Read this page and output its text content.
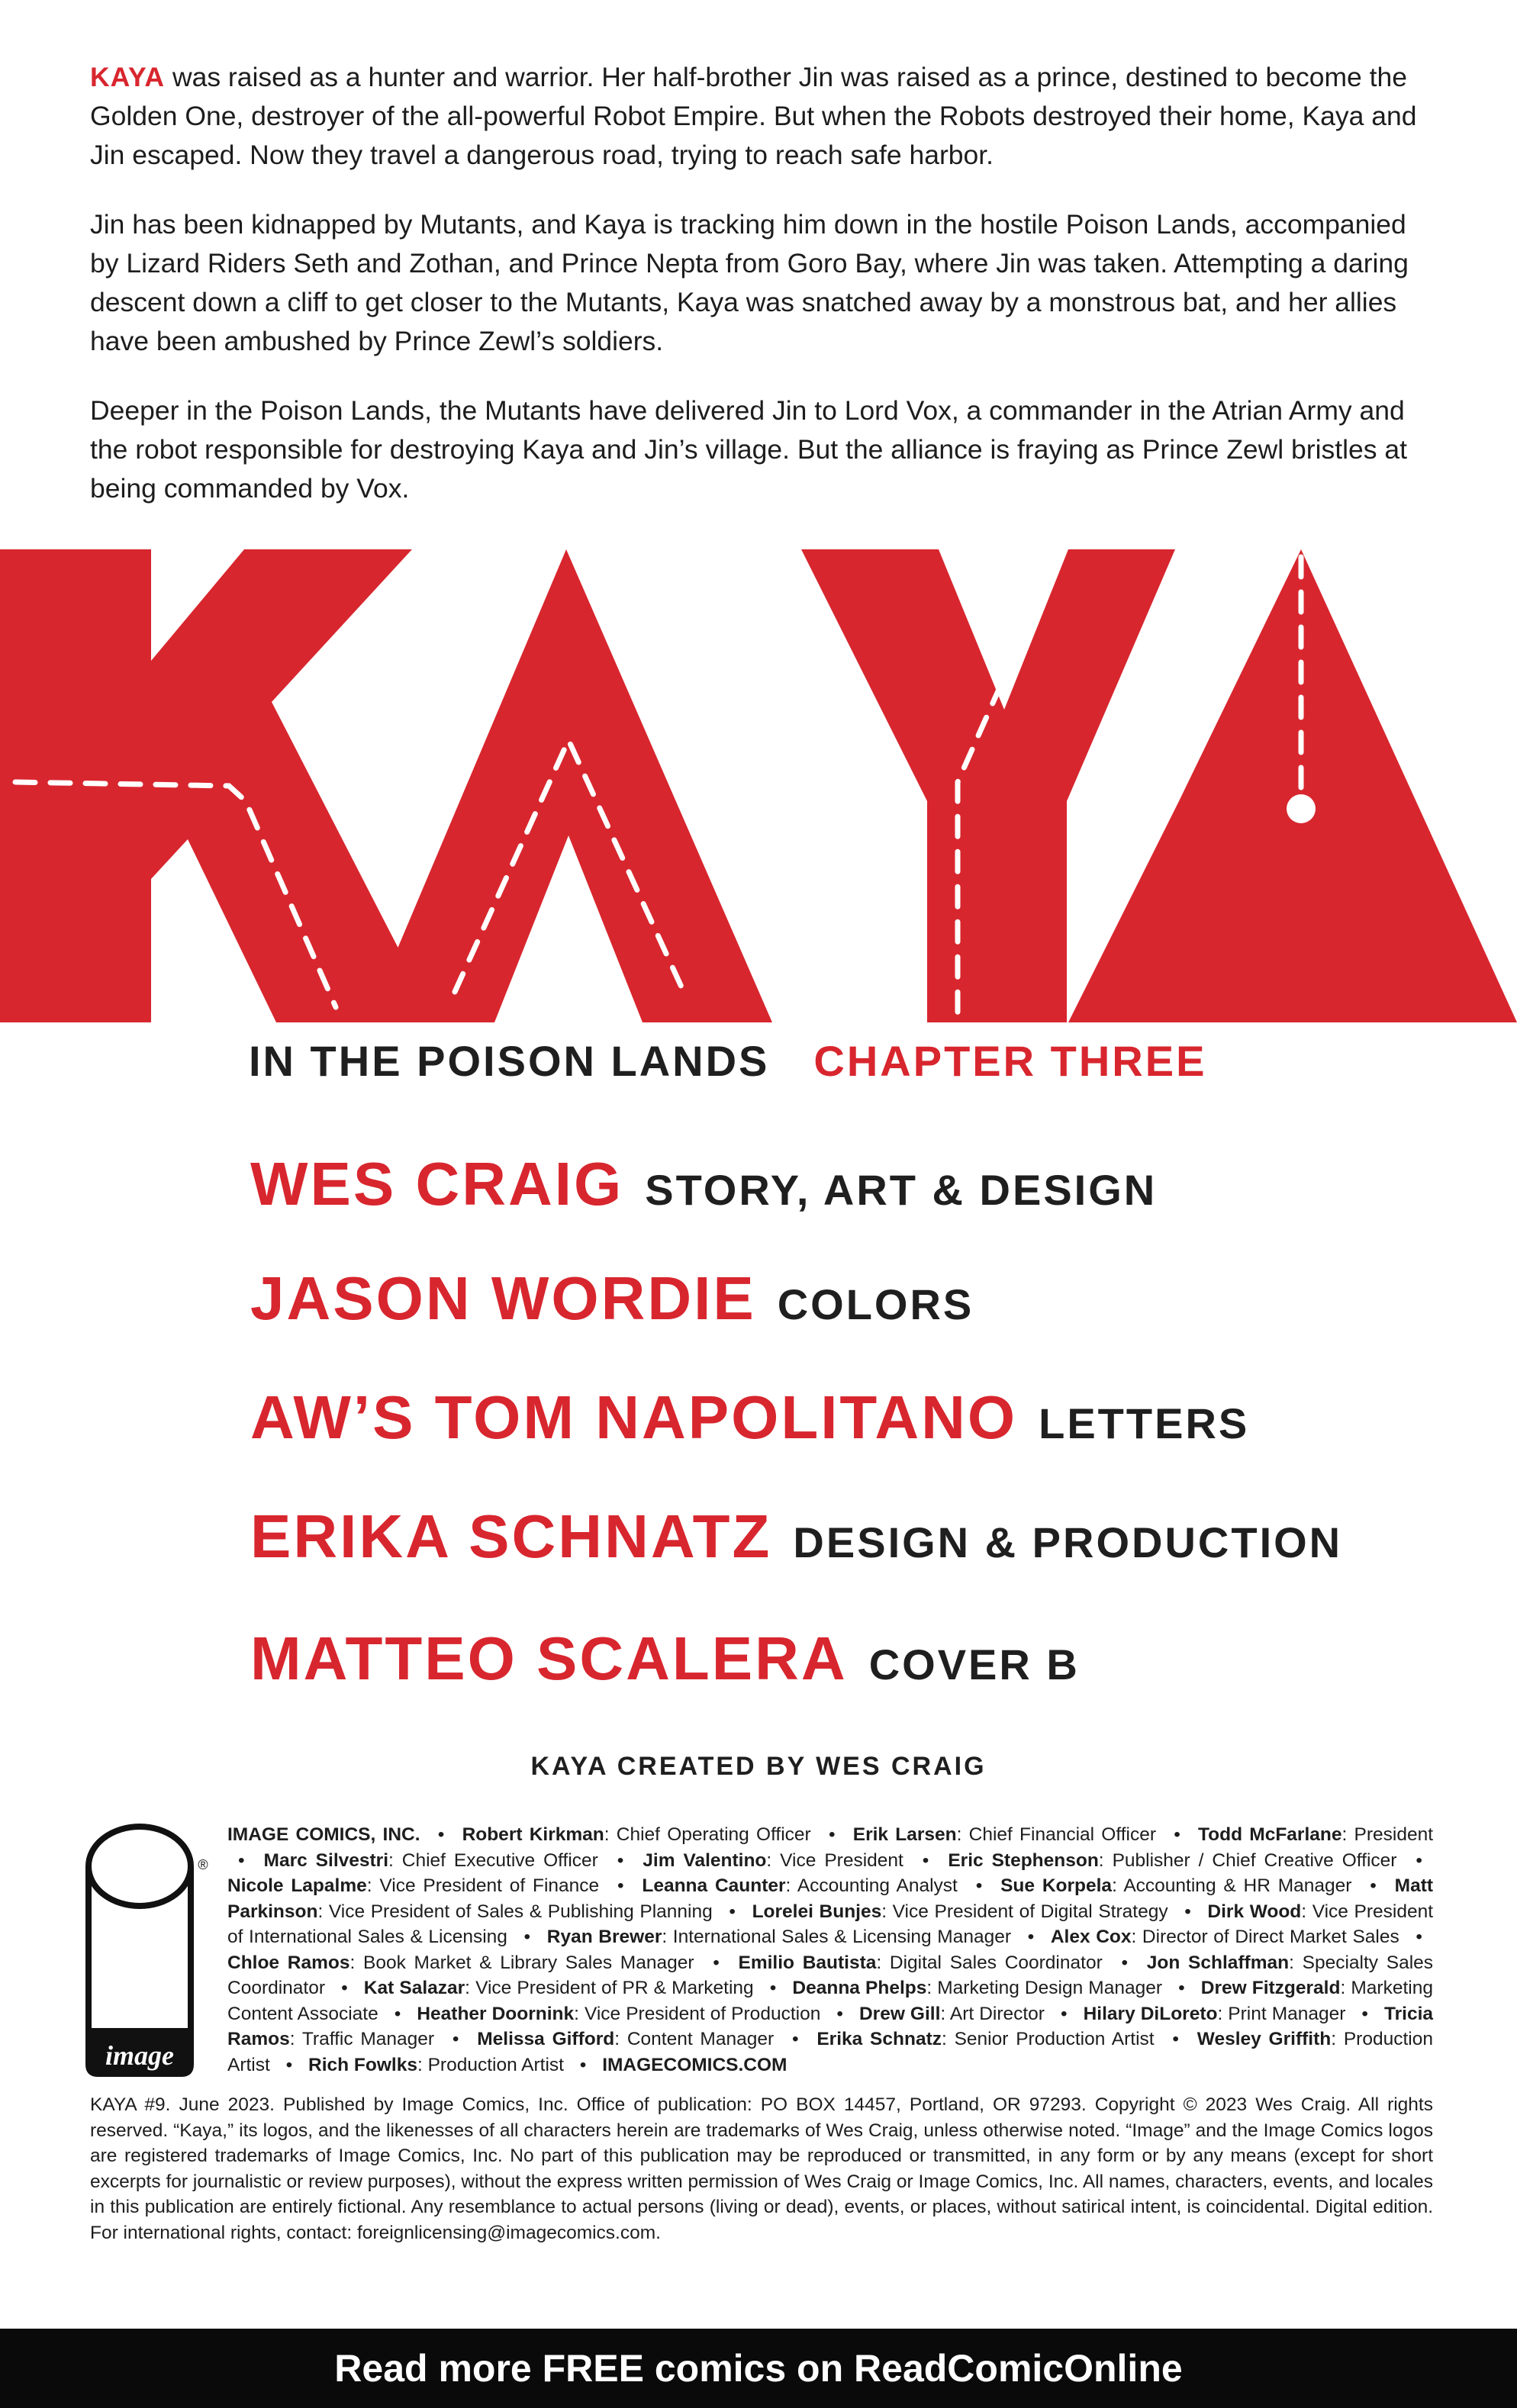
KAYA was raised as a hunter and warrior. Her half-brother Jin was raised as a prince, destined to become the Golden One, destroyer of the all-powerful Robot Empire. But when the Robots destroyed their home, Kaya and Jin escaped. Now they travel a dangerous road, trying to reach safe harbor.

Jin has been kidnapped by Mutants, and Kaya is tracking him down in the hostile Poison Lands, accompanied by Lizard Riders Seth and Zothan, and Prince Nepta from Goro Bay, where Jin was taken. Attempting a daring descent down a cliff to get closer to the Mutants, Kaya was snatched away by a monstrous bat, and her allies have been ambushed by Prince Zewl’s soldiers.

Deeper in the Poison Lands, the Mutants have delivered Jin to Lord Vox, a commander in the Atrian Army and the robot responsible for destroying Kaya and Jin’s village. But the alliance is fraying as Prince Zewl bristles at being commanded by Vox.

IN THE POISON LANDS CHAPTER THREE
WES CRAIG STORY, ART & DESIGN
JASON WORDIE COLORS
AW’S TOM NAPOLITANO LETTERS
ERIKA SCHNATZ DESIGN & PRODUCTION
MATTEO SCALERA COVER B
KAYA CREATED BY WES CRAIG
image
®
IMAGE COMICS, INC. • Robert Kirkman: Chief Operating Officer • Erik Larsen: Chief Financial Officer • Todd McFarlane: President • Marc Silvestri: Chief Executive Officer • Jim Valentino: Vice President • Eric Stephenson: Publisher / Chief Creative Officer • Nicole Lapalme: Vice President of Finance • Leanna Caunter: Accounting Analyst • Sue Korpela: Accounting & HR Manager • Matt Parkinson: Vice President of Sales & Publishing Planning • Lorelei Bunjes: Vice President of Digital Strategy • Dirk Wood: Vice President of International Sales & Licensing • Ryan Brewer: International Sales & Licensing Manager • Alex Cox: Director of Direct Market Sales • Chloe Ramos: Book Market & Library Sales Manager • Emilio Bautista: Digital Sales Coordinator • Jon Schlaffman: Specialty Sales Coordinator • Kat Salazar: Vice President of PR & Marketing • Deanna Phelps: Marketing Design Manager • Drew Fitzgerald: Marketing Content Associate • Heather Doornink: Vice President of Production • Drew Gill: Art Director • Hilary DiLoreto: Print Manager • Tricia Ramos: Traffic Manager • Melissa Gifford: Content Manager • Erika Schnatz: Senior Production Artist • Wesley Griffith: Production Artist • Rich Fowlks: Production Artist • IMAGECOMICS.COM
KAYA #9. June 2023. Published by Image Comics, Inc. Office of publication: PO BOX 14457, Portland, OR 97293. Copyright © 2023 Wes Craig. All rights reserved. “Kaya,” its logos, and the likenesses of all characters herein are trademarks of Wes Craig, unless otherwise noted. “Image” and the Image Comics logos are registered trademarks of Image Comics, Inc. No part of this publication may be reproduced or transmitted, in any form or by any means (except for short excerpts for journalistic or review purposes), without the express written permission of Wes Craig or Image Comics, Inc. All names, characters, events, and locales in this publication are entirely fictional. Any resemblance to actual persons (living or dead), events, or places, without satirical intent, is coincidental. Digital edition. For international rights, contact: foreignlicensing@imagecomics.com.
Read more FREE comics on ReadComicOnline
